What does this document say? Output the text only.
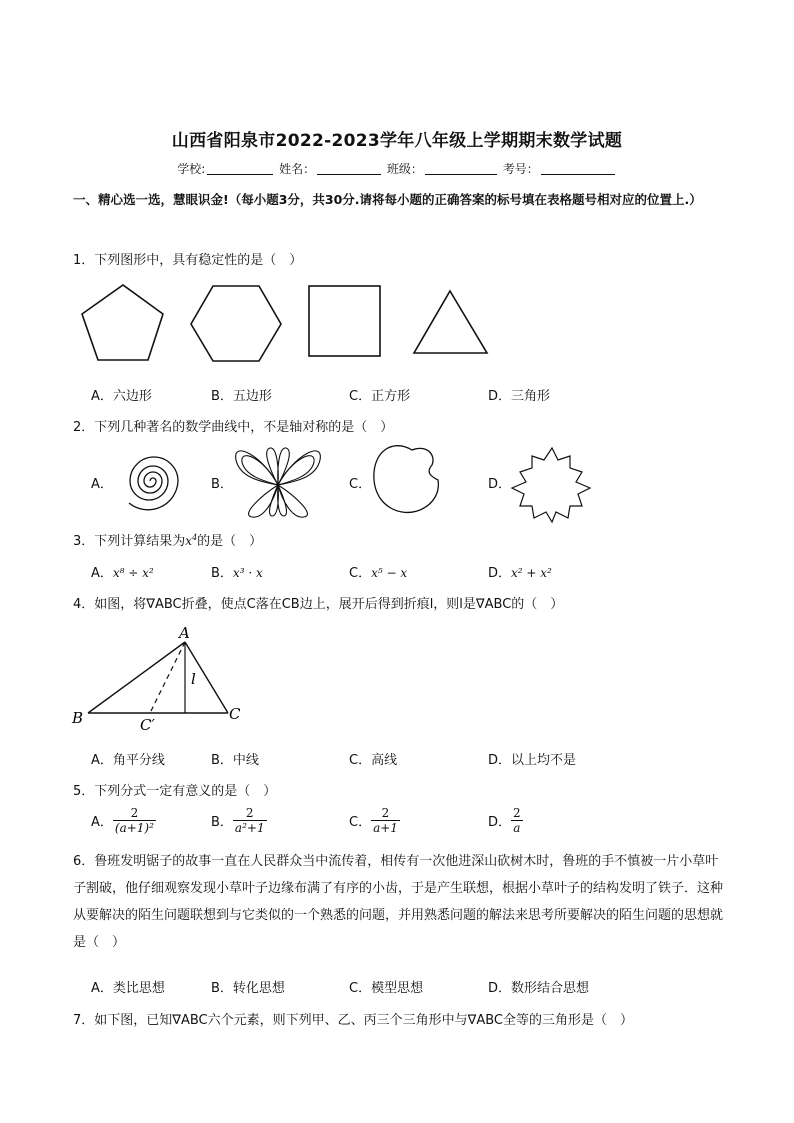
山西省阳泉市2022-2023学年八年级上学期期末数学试题
学校:	姓名：	班级：	考号：
一、精心选一选，慧眼识金!（每小题3分，共30分.请将每小题的正确答案的标号填在表格题号相对应的位置上.）
1．下列图形中，具有稳定性的是（　）
A．六边形	B．五边形	C．正方形	D．三角形
2．下列几种著名的数学曲线中，不是轴对称的是（　）
A．	B．	C．	D．
3．下列计算结果为$x^4$的是（　）
A．x⁸ ÷ x²	B．x³ · x	C．x⁵ − x	D．x² + x²
4．如图，将∇ABC折叠，使点C落在CB边上，展开后得到折痕l，则l是∇ABC的（　）
A
B	C
C′
l
A．角平分线	B．中线	C．高线	D．以上均不是
5．下列分式一定有意义的是（　）
A． $\frac{2}{\text{(a+1)²}}$	B． $\frac{2}{\text{a²+1}}$	C． $\frac{2}{a+1}$	D． $\frac{2}{a}$
6．鲁班发明锯子的故事一直在人民群众当中流传着，相传有一次他进深山砍树木时，鲁班的手不慎被一片小草叶子割破，他仔细观察发现小草叶子边缘布满了有序的小齿，于是产生联想，根据小草叶子的结构发明了铁子．这种从要解决的陌生问题联想到与它类似的一个熟悉的问题，并用熟悉问题的解法来思考所要解决的陌生问题的思想就是（　）
A．类比思想	B．转化思想	C．模型思想	D．数形结合思想
7．如下图，已知∇ABC六个元素，则下列甲、乙、丙三个三角形中与∇ABC全等的三角形是（　）
